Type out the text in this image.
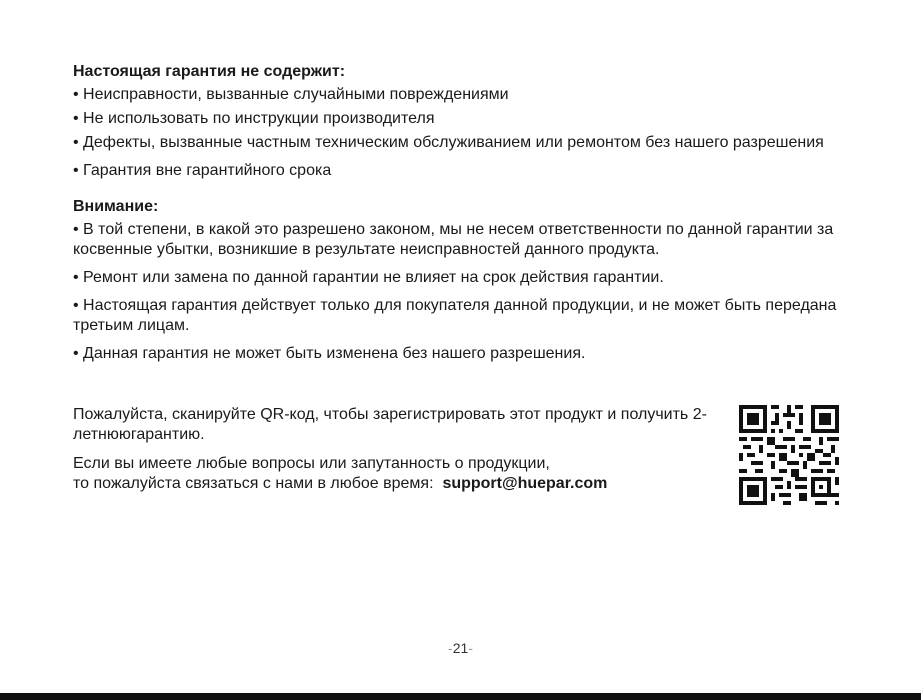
Настоящая гарантия не содержит:

• Неисправности, вызванные случайными повреждениями

• Не использовать по инструкции производителя

• Дефекты, вызванные частным техническим обслуживанием или ремонтом без нашего разрешения

• Гарантия вне гарантийного срока

Внимание:

• В той степени, в какой это разрешено законом, мы не несем ответственности по данной гарантии за косвенные убытки, возникшие в результате неисправностей данного продукта.

• Ремонт или замена по данной гарантии не влияет на срок действия гарантии.

• Настоящая гарантия действует только для покупателя данной продукции, и не может быть передана третьим лицам.

• Данная гарантия не может быть изменена без нашего разрешения.

Пожалуйста, сканируйте QR-код, чтобы зарегистрировать этот продукт и получить 2-летнююгарантию.

Если вы имеете любые вопросы или запутанность о продукции,
то пожалуйста связаться с нами в любое время: support@huepar.com

-21-
